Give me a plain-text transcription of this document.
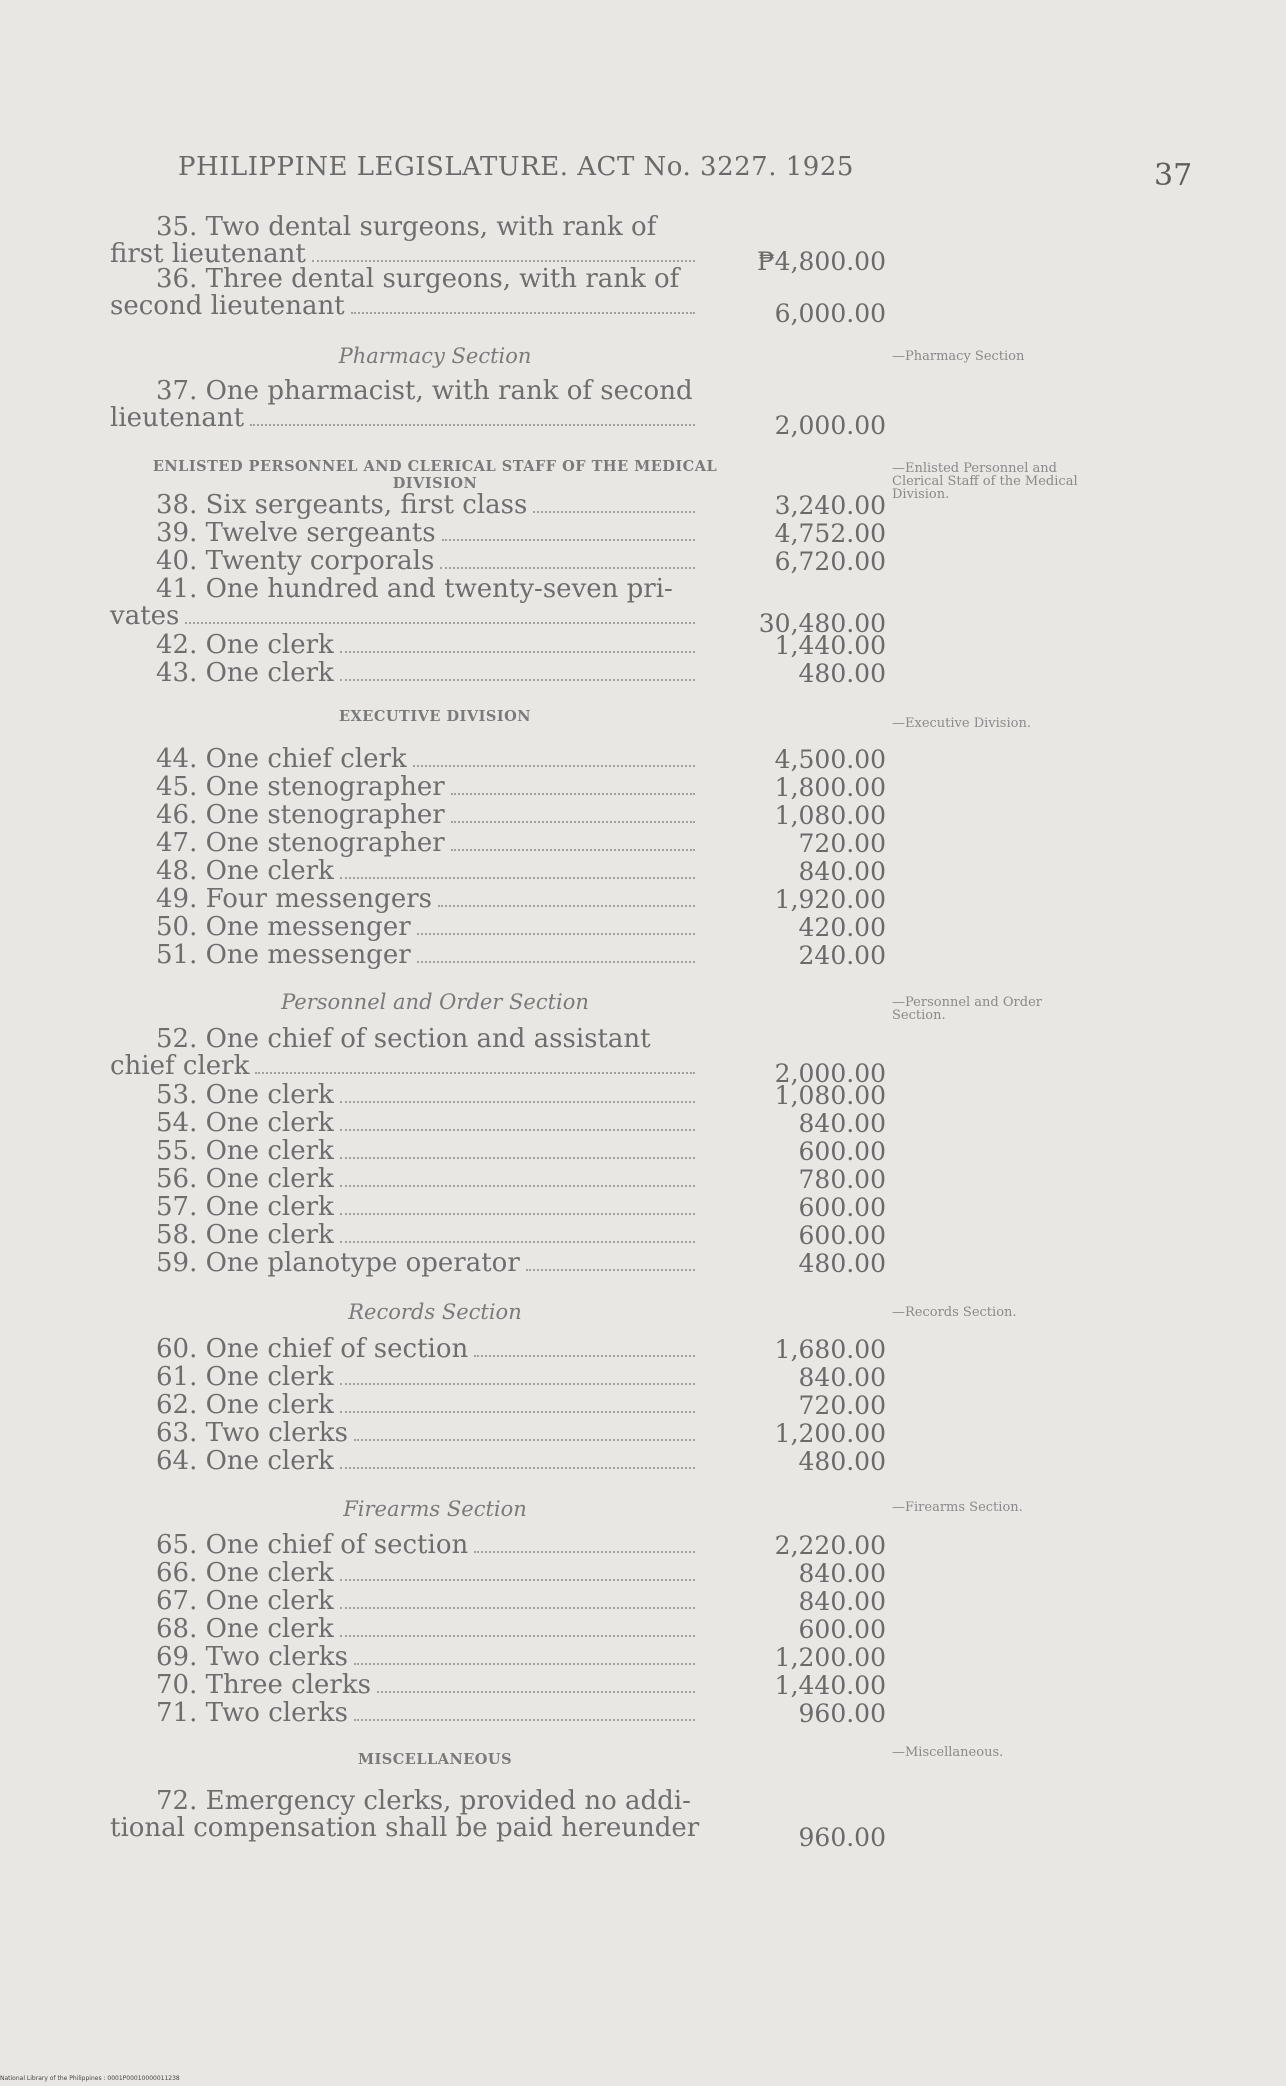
PHILIPPINE LEGISLATURE. ACT No. 3227. 1925	37
35. Two dental surgeons, with rank of
first lieutenant	₱4,800.00
36. Three dental surgeons, with rank of
second lieutenant	6,000.00
Pharmacy Section
37. One pharmacist, with rank of second
lieutenant	2,000.00
ENLISTED PERSONNEL AND CLERICAL STAFF OF THE MEDICAL DIVISION
38. Six sergeants, first class	3,240.00
39. Twelve sergeants	4,752.00
40. Twenty corporals	6,720.00
41. One hundred and twenty-seven pri-
vates	30,480.00
42. One clerk	1,440.00
43. One clerk	480.00
EXECUTIVE DIVISION
44. One chief clerk	4,500.00
45. One stenographer	1,800.00
46. One stenographer	1,080.00
47. One stenographer	720.00
48. One clerk	840.00
49. Four messengers	1,920.00
50. One messenger	420.00
51. One messenger	240.00
Personnel and Order Section
52. One chief of section and assistant
chief clerk	2,000.00
53. One clerk	1,080.00
54. One clerk	840.00
55. One clerk	600.00
56. One clerk	780.00
57. One clerk	600.00
58. One clerk	600.00
59. One planotype operator	480.00
Records Section
60. One chief of section	1,680.00
61. One clerk	840.00
62. One clerk	720.00
63. Two clerks	1,200.00
64. One clerk	480.00
Firearms Section
65. One chief of section	2,220.00
66. One clerk	840.00
67. One clerk	840.00
68. One clerk	600.00
69. Two clerks	1,200.00
70. Three clerks	1,440.00
71. Two clerks	960.00
MISCELLANEOUS
72. Emergency clerks, provided no addi-
tional compensation shall be paid hereunder	960.00
—Pharmacy Section
—Enlisted Personnel and Clerical Staff of the Medical Division.
—Executive Division.
—Personnel and Order Section.
—Records Section.
—Firearms Section.
—Miscellaneous.
National Library of the Philippines : 0001P00010000011238
